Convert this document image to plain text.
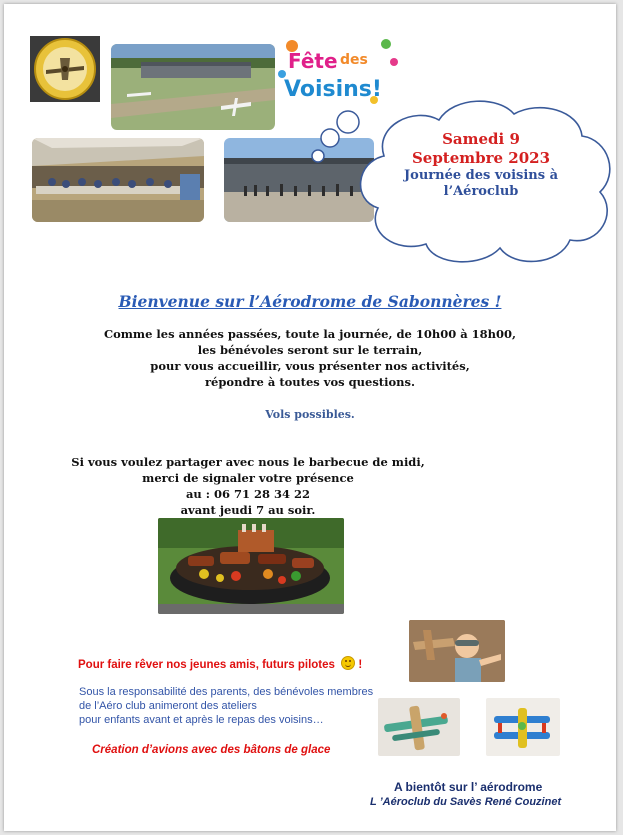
Fête des
Voisins!
Samedi 9
Septembre 2023
Journée des voisins à
l’Aéroclub
Bienvenue sur l’Aérodrome de Sabonnères !
Comme les années passées, toute la journée, de 10h00 à 18h00,
les bénévoles seront sur le terrain,
pour vous accueillir, vous présenter nos activités,
répondre à toutes vos questions.
Vols possibles.
Si vous voulez partager avec nous le barbecue de midi,
merci de signaler votre présence
au : 06 71 28 34 22
avant jeudi 7 au soir.
Pour faire rêver nos jeunes amis, futurs pilotes !
Sous la responsabilité des parents, des bénévoles membres
de l’Aéro club animeront des ateliers
pour enfants avant et après le repas des voisins…
Création d’avions avec des bâtons de glace
A bientôt sur l’ aérodrome
L ’Aéroclub du Savès René Couzinet
